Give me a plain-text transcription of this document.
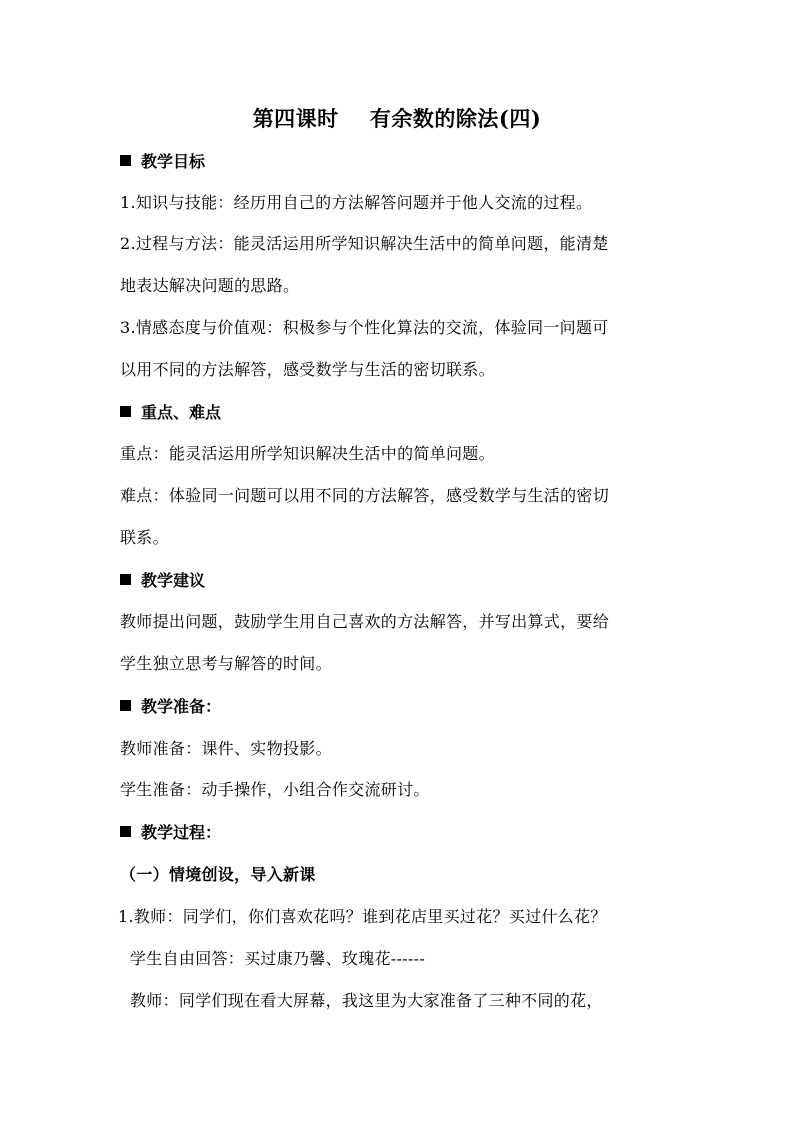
第四课时    有余数的除法(四)
教学目标
1.知识与技能：经历用自己的方法解答问题并于他人交流的过程。
2.过程与方法：能灵活运用所学知识解决生活中的简单问题，能清楚
地表达解决问题的思路。
3.情感态度与价值观：积极参与个性化算法的交流，体验同一问题可
以用不同的方法解答，感受数学与生活的密切联系。
重点、难点
重点：能灵活运用所学知识解决生活中的简单问题。
难点：体验同一问题可以用不同的方法解答，感受数学与生活的密切
联系。
教学建议
教师提出问题，鼓励学生用自己喜欢的方法解答，并写出算式，要给
学生独立思考与解答的时间。
教学准备：
教师准备：课件、实物投影。
学生准备：动手操作，小组合作交流研讨。
教学过程：
（一）情境创设，导入新课
1.教师：同学们，你们喜欢花吗？谁到花店里买过花？买过什么花？
学生自由回答：买过康乃馨、玫瑰花------
教师：同学们现在看大屏幕，我这里为大家准备了三种不同的花，
